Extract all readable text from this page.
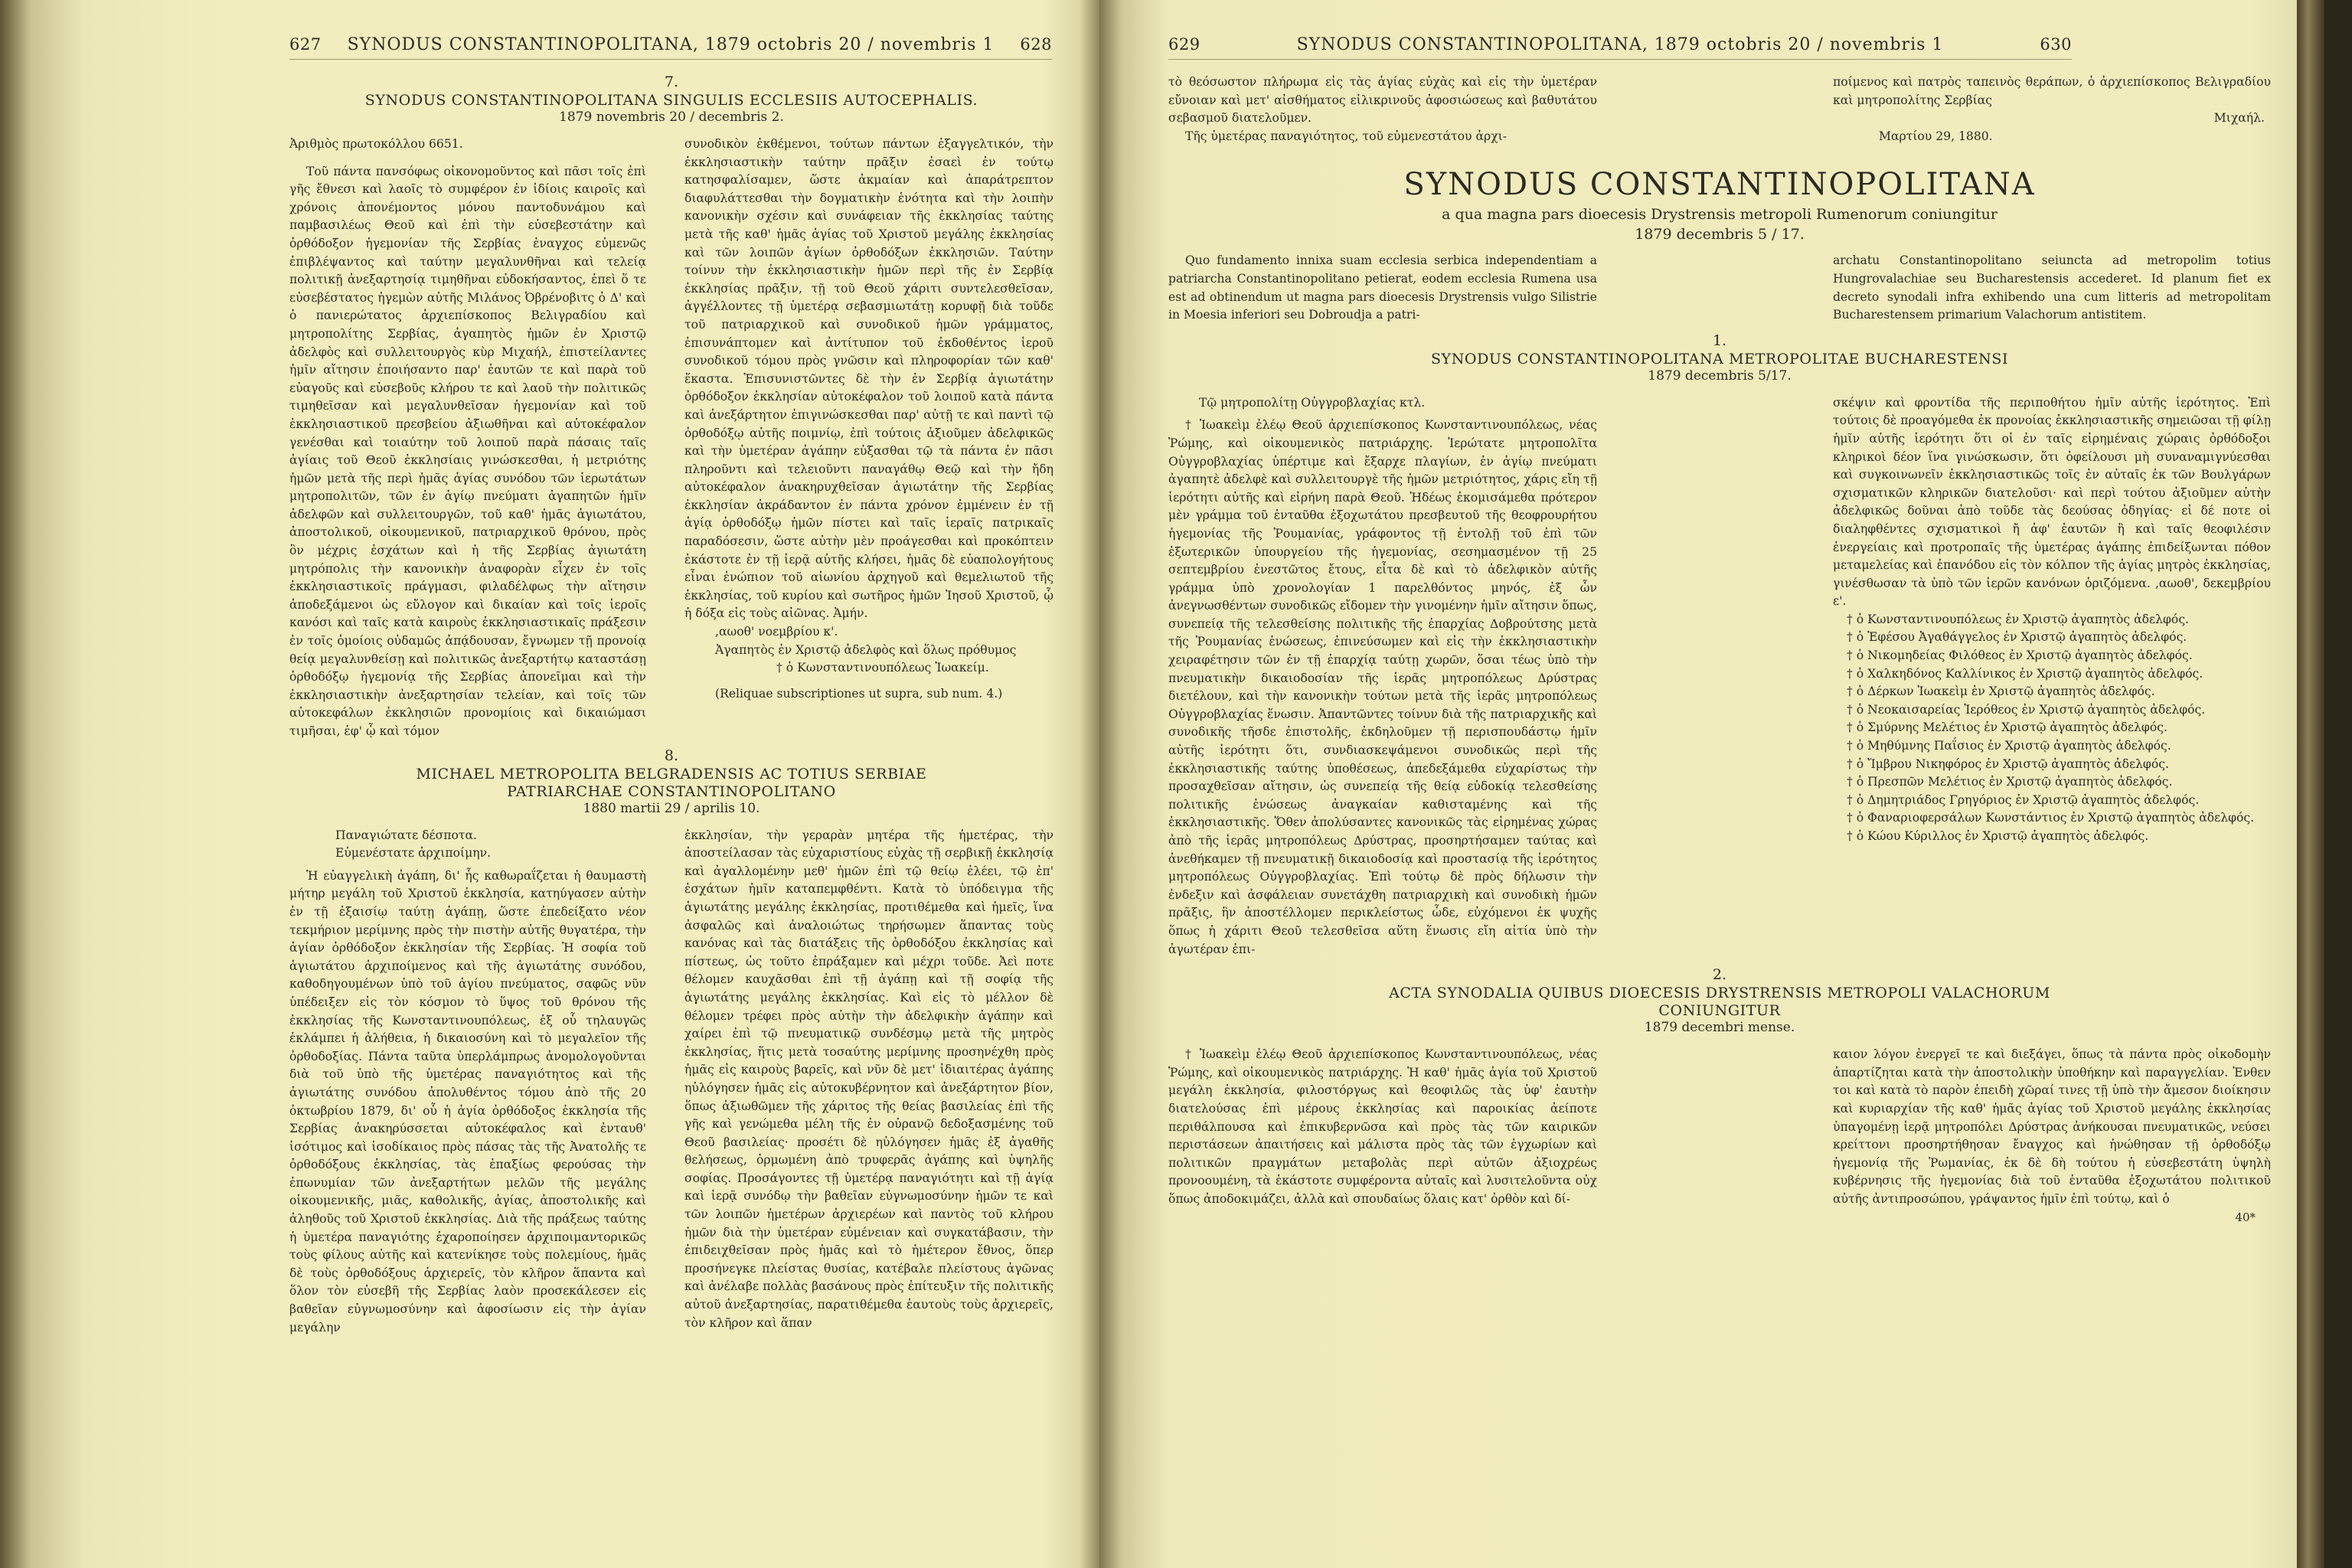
627 SYNODUS CONSTANTINOPOLITANA, 1879 octobris 20 / novembris 1 628
7.
SYNODUS CONSTANTINOPOLITANA SINGULIS ECCLESIIS AUTOCEPHALIS.
1879 novembris 20 / decembris 2.

Ἀριθμὸς πρωτοκόλλου 6651.

Τοῦ πάντα πανσόφως οἰκονομοῦντος καὶ πᾶσι τοῖς ἐπὶ γῆς ἔθνεσι καὶ λαοῖς τὸ συμφέρον ἐν ἰδίοις καιροῖς καὶ χρόνοις ἀπονέμοντος μόνου παντοδυνάμου καὶ παμβασιλέως Θεοῦ καὶ ἐπὶ τὴν εὐσεβεστάτην καὶ ὀρθόδοξον ἡγεμονίαν τῆς Σερβίας ἐναγχος εὐμενῶς ἐπιβλέψαντος καὶ ταύτην μεγαλυνθῆναι καὶ τελείᾳ πολιτικῇ ἀνεξαρτησίᾳ τιμηθῆναι εὐδοκήσαντος, ἐπεὶ ὅ τε εὐσεβέστατος ἡγεμὼν αὐτῆς Μιλάνος Ὀβρένοβιτς ὁ Δ' καὶ ὁ πανιερώτατος ἀρχιεπίσκοπος Βελιγραδίου καὶ μητροπολίτης Σερβίας, ἀγαπητὸς ἡμῶν ἐν Χριστῷ ἀδελφὸς καὶ συλλειτουργὸς κὺρ Μιχαήλ, ἐπιστείλαντες ἡμῖν αἴτησιν ἐποιήσαντο παρ' ἑαυτῶν τε καὶ παρὰ τοῦ εὐαγοῦς καὶ εὐσεβοῦς κλήρου τε καὶ λαοῦ τὴν πολιτικῶς τιμηθεῖσαν καὶ μεγαλυνθεῖσαν ἡγεμονίαν καὶ τοῦ ἐκκλησιαστικοῦ πρεσβείου ἀξιωθῆναι καὶ αὐτοκέφαλον γενέσθαι καὶ τοιαύτην τοῦ λοιποῦ παρὰ πάσαις ταῖς ἁγίαις τοῦ Θεοῦ ἐκκλησίαις γινώσκεσθαι, ἡ μετριότης ἡμῶν μετὰ τῆς περὶ ἡμᾶς ἁγίας συνόδου τῶν ἱερωτάτων μητροπολιτῶν, τῶν ἐν ἁγίῳ πνεύματι ἀγαπητῶν ἡμῖν ἀδελφῶν καὶ συλλειτουργῶν, τοῦ καθ' ἡμᾶς ἁγιωτάτου, ἀποστολικοῦ, οἰκουμενικοῦ, πατριαρχικοῦ θρόνου, πρὸς ὃν μέχρις ἐσχάτων καὶ ἡ τῆς Σερβίας ἁγιωτάτη μητρόπολις τὴν κανονικὴν ἀναφορὰν εἶχεν ἐν τοῖς ἐκκλησιαστικοῖς πράγμασι, φιλαδέλφως τὴν αἴτησιν ἀποδεξάμενοι ὡς εὔλογον καὶ δικαίαν καὶ τοῖς ἱεροῖς κανόσι καὶ ταῖς κατὰ καιροὺς ἐκκλησιαστικαῖς πράξεσιν ἐν τοῖς ὁμοίοις οὐδαμῶς ἀπᾴδουσαν, ἔγνωμεν τῇ προνοίᾳ θείᾳ μεγαλυνθείσῃ καὶ πολιτικῶς ἀνεξαρτήτῳ καταστάσῃ ὀρθοδόξῳ ἡγεμονίᾳ τῆς Σερβίας ἀπονεῖμαι καὶ τὴν ἐκκλησιαστικὴν ἀνεξαρτησίαν τελείαν, καὶ τοῖς τῶν αὐτοκεφάλων ἐκκλησιῶν προνομίοις καὶ δικαιώμασι τιμῆσαι, ἐφ' ᾧ καὶ τόμον

συνοδικὸν ἐκθέμενοι, τούτων πάντων ἐξαγγελτικόν, τὴν ἐκκλησιαστικὴν ταύτην πρᾶξιν ἐσαεὶ ἐν τούτῳ κατησφαλίσαμεν, ὥστε ἀκμαίαν καὶ ἀπαράτρεπτον διαφυλάττεσθαι τὴν δογματικὴν ἑνότητα καὶ τὴν λοιπὴν κανονικὴν σχέσιν καὶ συνάφειαν τῆς ἐκκλησίας ταύτης μετὰ τῆς καθ' ἡμᾶς ἁγίας τοῦ Χριστοῦ μεγάλης ἐκκλησίας καὶ τῶν λοιπῶν ἁγίων ὀρθοδόξων ἐκκλησιῶν. Ταύτην τοίνυν τὴν ἐκκλησιαστικὴν ἡμῶν περὶ τῆς ἐν Σερβίᾳ ἐκκλησίας πρᾶξιν, τῇ τοῦ Θεοῦ χάριτι συντελεσθεῖσαν, ἀγγέλλοντες τῇ ὑμετέρᾳ σεβασμιωτάτῃ κορυφῇ διὰ τοῦδε τοῦ πατριαρχικοῦ καὶ συνοδικοῦ ἡμῶν γράμματος, ἐπισυνάπτομεν καὶ ἀντίτυπον τοῦ ἐκδοθέντος ἱεροῦ συνοδικοῦ τόμου πρὸς γνῶσιν καὶ πληροφορίαν τῶν καθ' ἕκαστα. Ἐπισυνιστῶντες δὲ τὴν ἐν Σερβίᾳ ἁγιωτάτην ὀρθόδοξον ἐκκλησίαν αὐτοκέφαλον τοῦ λοιποῦ κατὰ πάντα καὶ ἀνεξάρτητον ἐπιγινώσκεσθαι παρ' αὐτῇ τε καὶ παντὶ τῷ ὀρθοδόξῳ αὐτῆς ποιμνίῳ, ἐπὶ τούτοις ἀξιοῦμεν ἀδελφικῶς καὶ τὴν ὑμετέραν ἀγάπην εὐξασθαι τῷ τὰ πάντα ἐν πᾶσι πληροῦντι καὶ τελειοῦντι παναγάθῳ Θεῷ καὶ τὴν ἤδη αὐτοκέφαλον ἀνακηρυχθεῖσαν ἁγιωτάτην τῆς Σερβίας ἐκκλησίαν ἀκράδαντον ἐν πάντα χρόνον ἐμμένειν ἐν τῇ ἁγίᾳ ὀρθοδόξῳ ἡμῶν πίστει καὶ ταῖς ἱεραῖς πατρικαῖς παραδόσεσιν, ὥστε αὐτὴν μὲν προάγεσθαι καὶ προκόπτειν ἑκάστοτε ἐν τῇ ἱερᾷ αὐτῆς κλήσει, ἡμᾶς δὲ εὐαπολογήτους εἶναι ἐνώπιον τοῦ αἰωνίου ἀρχηγοῦ καὶ θεμελιωτοῦ τῆς ἐκκλησίας, τοῦ κυρίου καὶ σωτῆρος ἡμῶν Ἰησοῦ Χριστοῦ, ᾧ ἡ δόξα εἰς τοὺς αἰῶνας. Ἀμήν.

,αωοθ' νοεμβρίου κ'.
Ἀγαπητὸς ἐν Χριστῷ ἀδελφὸς καὶ ὅλως πρόθυμος
† ὁ Κωνσταντινουπόλεως Ἰωακείμ.
(Reliquae subscriptiones ut supra, sub num. 4.)
8.
MICHAEL METROPOLITA BELGRADENSIS AC TOTIUS SERBIAE PATRIARCHAE CONSTANTINOPOLITANO
1880 martii 29 / aprilis 10.
Παναγιώτατε δέσποτα.
Εὐμενέστατε ἀρχιποίμην.

Ἡ εὐαγγελικὴ ἀγάπη, δι' ἧς καθωραΐζεται ἡ θαυμαστὴ μήτηρ μεγάλη τοῦ Χριστοῦ ἐκκλησία, κατηύγασεν αὐτὴν ἐν τῇ ἐξαισίῳ ταύτῃ ἀγάπῃ, ὥστε ἐπεδείξατο νέον τεκμήριον μερίμνης πρὸς τὴν πιστὴν αὐτῆς θυγατέρα, τὴν ἁγίαν ὀρθόδοξον ἐκκλησίαν τῆς Σερβίας. Ἡ σοφία τοῦ ἁγιωτάτου ἀρχιποίμενος καὶ τῆς ἁγιωτάτης συνόδου, καθοδηγουμένων ὑπὸ τοῦ ἁγίου πνεύματος, σαφῶς νῦν ὑπέδειξεν εἰς τὸν κόσμον τὸ ὕψος τοῦ θρόνου τῆς ἐκκλησίας τῆς Κωνσταντινουπόλεως, ἐξ οὗ τηλαυγῶς ἐκλάμπει ἡ ἀλήθεια, ἡ δικαιοσύνη καὶ τὸ μεγαλεῖον τῆς ὀρθοδοξίας. Πάντα ταῦτα ὑπερλάμπρως ἀνομολογοῦνται διὰ τοῦ ὑπὸ τῆς ὑμετέρας παναγιότητος καὶ τῆς ἁγιωτάτης συνόδου ἀπολυθέντος τόμου ἀπὸ τῆς 20 ὀκτωβρίου 1879, δι' οὗ ἡ ἁγία ὀρθόδοξος ἐκκλησία τῆς Σερβίας ἀνακηρύσσεται αὐτοκέφαλος καὶ ἐνταυθ' ἰσότιμος καὶ ἰσοδίκαιος πρὸς πάσας τὰς τῆς Ἀνατολῆς τε ὀρθοδόξους ἐκκλησίας, τὰς ἐπαξίως φερούσας τὴν ἐπωνυμίαν τῶν ἀνεξαρτήτων μελῶν τῆς μεγάλης οἰκουμενικῆς, μιᾶς, καθολικῆς, ἁγίας, ἀποστολικῆς καὶ ἀληθοῦς τοῦ Χριστοῦ ἐκκλησίας. Διὰ τῆς πράξεως ταύτης ἡ ὑμετέρα παναγιότης ἐχαροποίησεν ἀρχιποιμαντορικῶς τοὺς φίλους αὐτῆς καὶ κατενίκησε τοὺς πολεμίους, ἡμᾶς δὲ τοὺς ὀρθοδόξους ἀρχιερεῖς, τὸν κλῆρον ἅπαντα καὶ ὅλον τὸν εὐσεβῆ τῆς Σερβίας λαὸν προσεκάλεσεν εἰς βαθεῖαν εὐγνωμοσύνην καὶ ἀφοσίωσιν εἰς τὴν ἁγίαν μεγάλην

ἐκκλησίαν, τὴν γεραρὰν μητέρα τῆς ἡμετέρας, τὴν ἀποστείλασαν τὰς εὐχαριστίους εὐχὰς τῇ σερβικῇ ἐκκλησίᾳ καὶ ἀγαλλομένην μεθ' ἡμῶν ἐπὶ τῷ θείῳ ἐλέει, τῷ ἐπ' ἐσχάτων ἡμῖν καταπεμφθέντι. Κατὰ τὸ ὑπόδειγμα τῆς ἁγιωτάτης μεγάλης ἐκκλησίας, προτιθέμεθα καὶ ἡμεῖς, ἵνα ἀσφαλῶς καὶ ἀναλοιώτως τηρήσωμεν ἅπαντας τοὺς κανόνας καὶ τὰς διατάξεις τῆς ὀρθοδόξου ἐκκλησίας καὶ πίστεως, ὡς τοῦτο ἐπράξαμεν καὶ μέχρι τοῦδε. Ἀεὶ ποτε θέλομεν καυχᾶσθαι ἐπὶ τῇ ἀγάπῃ καὶ τῇ σοφίᾳ τῆς ἁγιωτάτης μεγάλης ἐκκλησίας. Καὶ εἰς τὸ μέλλον δὲ θέλομεν τρέφει πρὸς αὐτὴν τὴν ἀδελφικὴν ἀγάπην καὶ χαίρει ἐπὶ τῷ πνευματικῷ συνδέσμῳ μετὰ τῆς μητρὸς ἐκκλησίας, ἥτις μετὰ τοσαύτης μερίμνης προσηνέχθη πρὸς ἡμᾶς εἰς καιροὺς βαρεῖς, καὶ νῦν δὲ μετ' ἰδιαιτέρας ἀγάπης ηὐλόγησεν ἡμᾶς εἰς αὐτοκυβέρνητον καὶ ἀνεξάρτητον βίον, ὅπως ἀξιωθῶμεν τῆς χάριτος τῆς θείας βασιλείας ἐπὶ τῆς γῆς καὶ γενώμεθα μέλη τῆς ἐν οὐρανῷ δεδοξασμένης τοῦ Θεοῦ βασιλείας· προσέτι δὲ ηὐλόγησεν ἡμᾶς ἐξ ἀγαθῆς θελήσεως, ὁρμωμένη ἀπὸ τρυφερᾶς ἀγάπης καὶ ὑψηλῆς σοφίας. Προσάγοντες τῇ ὑμετέρᾳ παναγιότητι καὶ τῇ ἁγίᾳ καὶ ἱερᾷ συνόδῳ τὴν βαθεῖαν εὐγνωμοσύνην ἡμῶν τε καὶ τῶν λοιπῶν ἡμετέρων ἀρχιερέων καὶ παντὸς τοῦ κλήρου ἡμῶν διὰ τὴν ὑμετέραν εὐμένειαν καὶ συγκατάβασιν, τὴν ἐπιδειχθεῖσαν πρὸς ἡμᾶς καὶ τὸ ἡμέτερον ἔθνος, ὅπερ προσήνεγκε πλείστας θυσίας, κατέβαλε πλείστους ἀγῶνας καὶ ἀνέλαβε πολλὰς βασάνους πρὸς ἐπίτευξιν τῆς πολιτικῆς αὐτοῦ ἀνεξαρτησίας, παρατιθέμεθα ἑαυτοὺς τοὺς ἀρχιερεῖς, τὸν κλῆρον καὶ ἅπαν

629	SYNODUS CONSTANTINOPOLITANA, 1879 octobris 20 / novembris 1	630

τὸ θεόσωστον πλήρωμα εἰς τὰς ἁγίας εὐχὰς καὶ εἰς τὴν ὑμετέραν εὔνοιαν καὶ μετ' αἰσθήματος εἰλικρινοῦς ἀφοσιώσεως καὶ βαθυτάτου σεβασμοῦ διατελοῦμεν.

Τῆς ὑμετέρας παναγιότητος, τοῦ εὐμενεστάτου ἀρχι-

ποίμενος καὶ πατρὸς ταπεινὸς θεράπων, ὁ ἀρχιεπίσκοπος Βελιγραδίου καὶ μητροπολίτης Σερβίας

Μιχαήλ.
Μαρτίου 29, 1880.
SYNODUS CONSTANTINOPOLITANA
a qua magna pars dioecesis Drystrensis metropoli Rumenorum coniungitur
1879 decembris 5 / 17.

Quo fundamento innixa suam ecclesia serbica independentiam a patriarcha Constantinopolitano petierat, eodem ecclesia Rumena usa est ad obtinendum ut magna pars dioecesis Drystrensis vulgo Silistrie in Moesia inferiori seu Dobroudja a patri-

archatu Constantinopolitano seiuncta ad metropolim totius Hungrovalachiae seu Bucharestensis accederet. Id planum fiet ex decreto synodali infra exhibendo una cum litteris ad metropolitam Bucharestensem primarium Valachorum antistitem.

1.
SYNODUS CONSTANTINOPOLITANA METROPOLITAE BUCHARESTENSI
1879 decembris 5/17.
Τῷ μητροπολίτῃ Οὐγγροβλαχίας κτλ.

† Ἰωακεὶμ ἐλέῳ Θεοῦ ἀρχιεπίσκοπος Κωνσταντινουπόλεως, νέας Ῥώμης, καὶ οἰκουμενικὸς πατριάρχης. Ἱερώτατε μητροπολῖτα Οὐγγροβλαχίας ὑπέρτιμε καὶ ἔξαρχε πλαγίων, ἐν ἁγίῳ πνεύματι ἀγαπητὲ ἀδελφὲ καὶ συλλειτουργὲ τῆς ἡμῶν μετριότητος, χάρις εἴη τῇ ἱερότητι αὐτῆς καὶ εἰρήνη παρὰ Θεοῦ. Ἡδέως ἐκομισάμεθα πρότερον μὲν γράμμα τοῦ ἐνταῦθα ἐξοχωτάτου πρεσβευτοῦ τῆς θεοφρουρήτου ἡγεμονίας τῆς Ῥουμανίας, γράφοντος τῇ ἐντολῇ τοῦ ἐπὶ τῶν ἐξωτερικῶν ὑπουργείου τῆς ἡγεμονίας, σεσημασμένον τῇ 25 σεπτεμβρίου ἐνεστῶτος ἔτους, εἶτα δὲ καὶ τὸ ἀδελφικὸν αὐτῆς γράμμα ὑπὸ χρονολογίαν 1 παρελθόντος μηνός, ἐξ ὧν ἀνεγνωσθέντων συνοδικῶς εἴδομεν τὴν γινομένην ἡμῖν αἴτησιν ὅπως, συνεπείᾳ τῆς τελεσθείσης πολιτικῆς τῆς ἐπαρχίας Δοβρούτσης μετὰ τῆς Ῥουμανίας ἑνώσεως, ἐπινεύσωμεν καὶ εἰς τὴν ἐκκλησιαστικὴν χειραφέτησιν τῶν ἐν τῇ ἐπαρχίᾳ ταύτῃ χωρῶν, ὅσαι τέως ὑπὸ τὴν πνευματικὴν δικαιοδοσίαν τῆς ἱερᾶς μητροπόλεως Δρύστρας διετέλουν, καὶ τὴν κανονικὴν τούτων μετὰ τῆς ἱερᾶς μητροπόλεως Οὐγγροβλαχίας ἕνωσιν. Ἀπαντῶντες τοίνυν διὰ τῆς πατριαρχικῆς καὶ συνοδικῆς τῆσδε ἐπιστολῆς, ἐκδηλοῦμεν τῇ περισπουδάστῳ ἡμῖν αὐτῆς ἱερότητι ὅτι, συνδιασκεψάμενοι συνοδικῶς περὶ τῆς ἐκκλησιαστικῆς ταύτης ὑποθέσεως, ἀπεδεξάμεθα εὐχαρίστως τὴν προσαχθεῖσαν αἴτησιν, ὡς συνεπείᾳ τῆς θείᾳ εὐδοκίᾳ τελεσθείσης πολιτικῆς ἑνώσεως ἀναγκαίαν καθισταμένης καὶ τῆς ἐκκλησιαστικῆς. Ὅθεν ἀπολύσαντες κανονικῶς τὰς εἰρημένας χώρας ἀπὸ τῆς ἱερᾶς μητροπόλεως Δρύστρας, προσηρτήσαμεν ταύτας καὶ ἀνεθήκαμεν τῇ πνευματικῇ δικαιοδοσίᾳ καὶ προστασίᾳ τῆς ἱερότητος μητροπόλεως Οὐγγροβλαχίας. Ἐπὶ τούτῳ δὲ πρὸς δήλωσιν τὴν ἐνδεξιν καὶ ἀσφάλειαν συνετάχθη πατριαρχικὴ καὶ συνοδικὴ ἡμῶν πρᾶξις, ἣν ἀποστέλλομεν περικλείστως ὧδε, εὐχόμενοι ἐκ ψυχῆς ὅπως ἡ χάριτι Θεοῦ τελεσθεῖσα αὕτη ἕνωσις εἴη αἰτία ὑπὸ τὴν ἀγωτέραν ἐπι-

σκέψιν καὶ φροντίδα τῆς περιποθήτου ἡμῖν αὐτῆς ἱερότητος. Ἐπὶ τούτοις δὲ προαγόμεθα ἐκ προνοίας ἐκκλησιαστικῆς σημειῶσαι τῇ φίλῃ ἡμῖν αὐτῆς ἱερότητι ὅτι οἱ ἐν ταῖς εἰρημέναις χώραις ὀρθόδοξοι κληρικοὶ δέον ἵνα γινώσκωσιν, ὅτι ὀφείλουσι μὴ συναναμιγνύεσθαι καὶ συγκοινωνεῖν ἐκκλησιαστικῶς τοῖς ἐν αὐταῖς ἐκ τῶν Βουλγάρων σχισματικῶν κληρικῶν διατελοῦσι· καὶ περὶ τούτου ἀξιοῦμεν αὐτὴν ἀδελφικῶς δοῦναι ἀπὸ τοῦδε τὰς δεούσας ὁδηγίας· εἰ δέ ποτε οἱ διαληφθέντες σχισματικοὶ ἤ ἀφ' ἑαυτῶν ἢ καὶ ταῖς θεοφιλέσιν ἐνεργείαις καὶ προτροπαῖς τῆς ὑμετέρας ἀγάπης ἐπιδείξωνται πόθον μεταμελείας καὶ ἐπανόδου εἰς τὸν κόλπον τῆς ἁγίας μητρὸς ἐκκλησίας, γινέσθωσαν τὰ ὑπὸ τῶν ἱερῶν κανόνων ὁριζόμενα. ,αωοθ', δεκεμβρίου ε'.

† ὁ Κωνσταντινουπόλεως ἐν Χριστῷ ἀγαπητὸς ἀδελφός.
† ὁ Ἐφέσου Ἀγαθάγγελος ἐν Χριστῷ ἀγαπητὸς ἀδελφός.
† ὁ Νικομηδείας Φιλόθεος ἐν Χριστῷ ἀγαπητὸς ἀδελφός.
† ὁ Χαλκηδόνος Καλλίνικος ἐν Χριστῷ ἀγαπητὸς ἀδελφός.
† ὁ Δέρκων Ἰωακεὶμ ἐν Χριστῷ ἀγαπητὸς ἀδελφός.
† ὁ Νεοκαισαρείας Ἱερόθεος ἐν Χριστῷ ἀγαπητὸς ἀδελφός.
† ὁ Σμύρνης Μελέτιος ἐν Χριστῷ ἀγαπητὸς ἀδελφός.
† ὁ Μηθύμνης Παΐσιος ἐν Χριστῷ ἀγαπητὸς ἀδελφός.
† ὁ Ἴμβρου Νικηφόρος ἐν Χριστῷ ἀγαπητὸς ἀδελφός.
† ὁ Πρεσπῶν Μελέτιος ἐν Χριστῷ ἀγαπητὸς ἀδελφός.
† ὁ Δημητριάδος Γρηγόριος ἐν Χριστῷ ἀγαπητὸς ἀδελφός.
† ὁ Φαναριοφερσάλων Κωνστάντιος ἐν Χριστῷ ἀγαπητὸς ἀδελφός.
† ὁ Κώου Κύριλλος ἐν Χριστῷ ἀγαπητὸς ἀδελφός.
2.
ACTA SYNODALIA QUIBUS DIOECESIS DRYSTRENSIS METROPOLI VALACHORUM CONIUNGITUR
1879 decembri mense.

† Ἰωακεὶμ ἐλέῳ Θεοῦ ἀρχιεπίσκοπος Κωνσταντινουπόλεως, νέας Ῥώμης, καὶ οἰκουμενικὸς πατριάρχης. Ἡ καθ' ἡμᾶς ἁγία τοῦ Χριστοῦ μεγάλη ἐκκλησία, φιλοστόργως καὶ θεοφιλῶς τὰς ὑφ' ἑαυτὴν διατελούσας ἐπὶ μέρους ἐκκλησίας καὶ παροικίας ἀείποτε περιθάλπουσα καὶ ἐπικυβερνῶσα καὶ πρὸς τὰς τῶν καιρικῶν περιστάσεων ἀπαιτήσεις καὶ μάλιστα πρὸς τὰς τῶν ἐγχωρίων καὶ πολιτικῶν πραγμάτων μεταβολὰς περὶ αὐτῶν ἀξιοχρέως προνοουμένη, τὰ ἑκάστοτε συμφέροντα αὐταῖς καὶ λυσιτελοῦντα οὐχ ὅπως ἀποδοκιμάζει, ἀλλὰ καὶ σπουδαίως ὅλαις κατ' ὀρθὸν καὶ δί-

καιον λόγον ἐνεργεῖ τε καὶ διεξάγει, ὅπως τὰ πάντα πρὸς οἰκοδομὴν ἀπαρτίζηται κατὰ τὴν ἀποστολικὴν ὑποθήκην καὶ παραγγελίαν. Ἐνθεν τοι καὶ κατὰ τὸ παρὸν ἐπειδὴ χῶραί τινες τῇ ὑπὸ τὴν ἄμεσον διοίκησιν καὶ κυριαρχίαν τῆς καθ' ἡμᾶς ἁγίας τοῦ Χριστοῦ μεγάλης ἐκκλησίας ὑπαγομένῃ ἱερᾷ μητροπόλει Δρύστρας ἀνήκουσαι πνευματικῶς, νεύσει κρείττονι προσηρτήθησαν ἔναγχος καὶ ἡνώθησαν τῇ ὀρθοδόξῳ ἡγεμονίᾳ τῆς Ῥωμανίας, ἐκ δὲ δὴ τούτου ἡ εὐσεβεστάτη ὑψηλὴ κυβέρνησις τῆς ἡγεμονίας διὰ τοῦ ἐνταῦθα ἐξοχωτάτου πολιτικοῦ αὐτῆς ἀντιπροσώπου, γράψαντος ἡμῖν ἐπὶ τούτῳ, καὶ ὁ

40*
